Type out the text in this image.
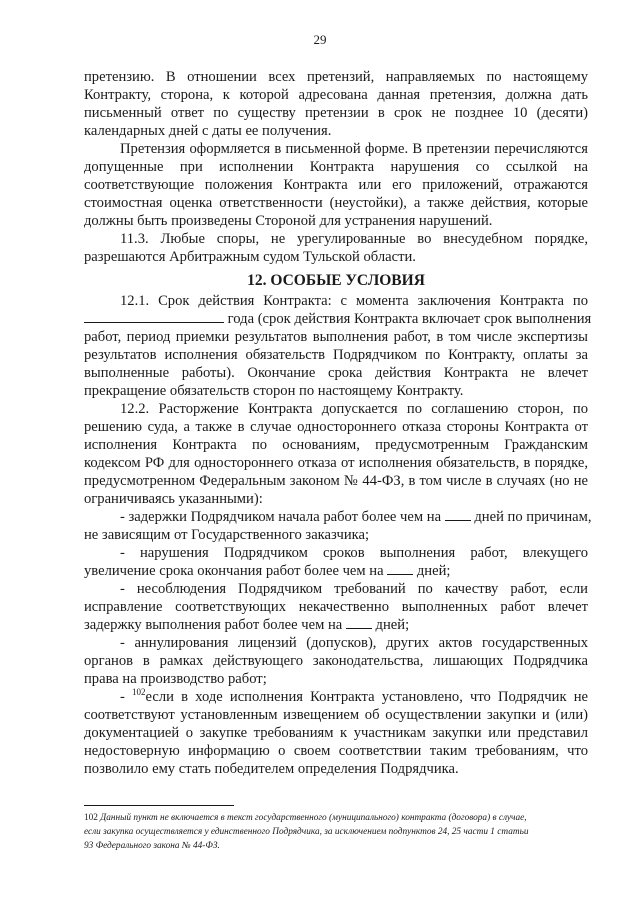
29
претензию. В отношении всех претензий, направляемых по настоящему
Контракту, сторона, к которой адресована данная претензия, должна дать
письменный ответ по существу претензии в срок не позднее 10 (десяти)
календарных дней с даты ее получения.
Претензия оформляется в письменной форме. В претензии перечисляются
допущенные при исполнении Контракта нарушения со ссылкой на
соответствующие положения Контракта или его приложений, отражаются
стоимостная оценка ответственности (неустойки), а также действия, которые
должны быть произведены Стороной для устранения нарушений.
11.3. Любые споры, не урегулированные во внесудебном порядке,
разрешаются Арбитражным судом Тульской области.
12. ОСОБЫЕ УСЛОВИЯ
12.1. Срок действия Контракта: с момента заключения Контракта по
года (срок действия Контракта включает срок выполнения
работ, период приемки результатов выполнения работ, в том числе экспертизы
результатов исполнения обязательств Подрядчиком по Контракту, оплаты за
выполненные работы). Окончание срока действия Контракта не влечет
прекращение обязательств сторон по настоящему Контракту.
12.2. Расторжение Контракта допускается по соглашению сторон, по
решению суда, а также в случае одностороннего отказа стороны Контракта от
исполнения Контракта по основаниям, предусмотренным Гражданским
кодексом РФ для одностороннего отказа от исполнения обязательств, в порядке,
предусмотренном Федеральным законом № 44-ФЗ, в том числе в случаях (но не
ограничиваясь указанными):
- задержки Подрядчиком начала работ более чем на  дней по причинам,
не зависящим от Государственного заказчика;
- нарушения Подрядчиком сроков выполнения работ, влекущего
увеличение срока окончания работ более чем на  дней;
- несоблюдения Подрядчиком требований по качеству работ, если
исправление соответствующих некачественно выполненных работ влечет
задержку выполнения работ более чем на  дней;
- аннулирования лицензий (допусков), других актов государственных
органов в рамках действующего законодательства, лишающих Подрядчика
права на производство работ;
- $^{102}$если в ходе исполнения Контракта установлено, что Подрядчик не
соответствуют установленным извещением об осуществлении закупки и (или)
документацией о закупке требованиям к участникам закупки или представил
недостоверную информацию о своем соответствии таким требованиям, что
позволило ему стать победителем определения Подрядчика.
102 Данный пункт не включается в текст государственного (муниципального) контракта (договора) в случае,
если закупка осуществляется у единственного Подрядчика, за исключением подпунктов 24, 25 части 1 статьи
93 Федерального закона № 44-ФЗ.
